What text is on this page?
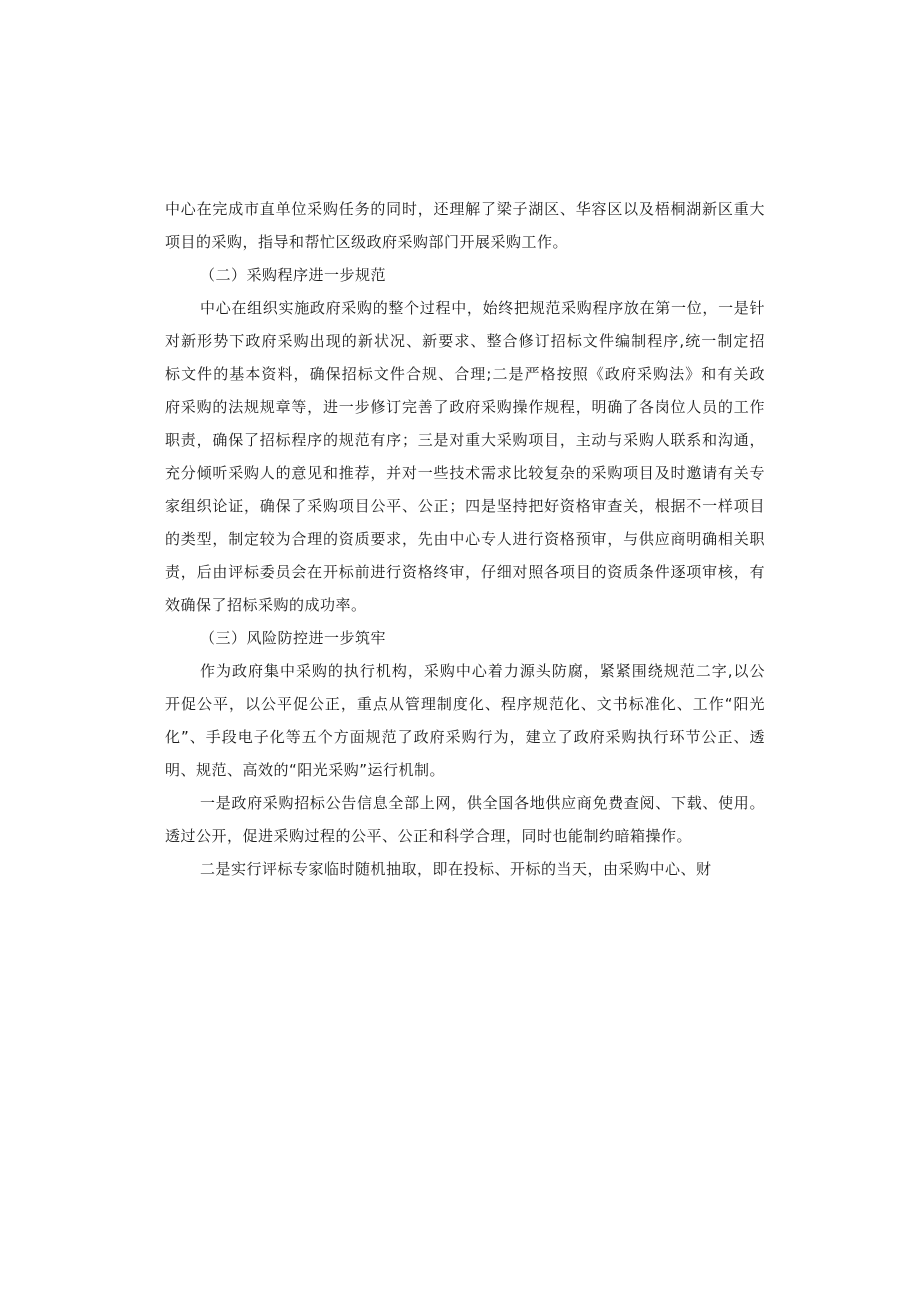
中心在完成市直单位采购任务的同时，还理解了梁子湖区、华容区以及梧桐湖新区重大
项目的采购，指导和帮忙区级政府采购部门开展采购工作。
（二）采购程序进一步规范
中心在组织实施政府采购的整个过程中，始终把规范采购程序放在第一位，一是针
对新形势下政府采购出现的新状况、新要求、整合修订招标文件编制程序,统一制定招
标文件的基本资料，确保招标文件合规、合理;二是严格按照《政府采购法》和有关政
府采购的法规规章等，进一步修订完善了政府采购操作规程，明确了各岗位人员的工作
职责，确保了招标程序的规范有序；三是对重大采购项目，主动与采购人联系和沟通，
充分倾听采购人的意见和推荐，并对一些技术需求比较复杂的采购项目及时邀请有关专
家组织论证，确保了采购项目公平、公正；四是坚持把好资格审查关，根据不一样项目
的类型，制定较为合理的资质要求，先由中心专人进行资格预审，与供应商明确相关职
责，后由评标委员会在开标前进行资格终审，仔细对照各项目的资质条件逐项审核，有
效确保了招标采购的成功率。
（三）风险防控进一步筑牢
作为政府集中采购的执行机构，采购中心着力源头防腐，紧紧围绕规范二字,以公
开促公平，以公平促公正，重点从管理制度化、程序规范化、文书标准化、工作“阳光
化”、手段电子化等五个方面规范了政府采购行为，建立了政府采购执行环节公正、透
明、规范、高效的“阳光采购”运行机制。
一是政府采购招标公告信息全部上网，供全国各地供应商免费查阅、下载、使用。
透过公开，促进采购过程的公平、公正和科学合理，同时也能制约暗箱操作。
二是实行评标专家临时随机抽取，即在投标、开标的当天，由采购中心、财
